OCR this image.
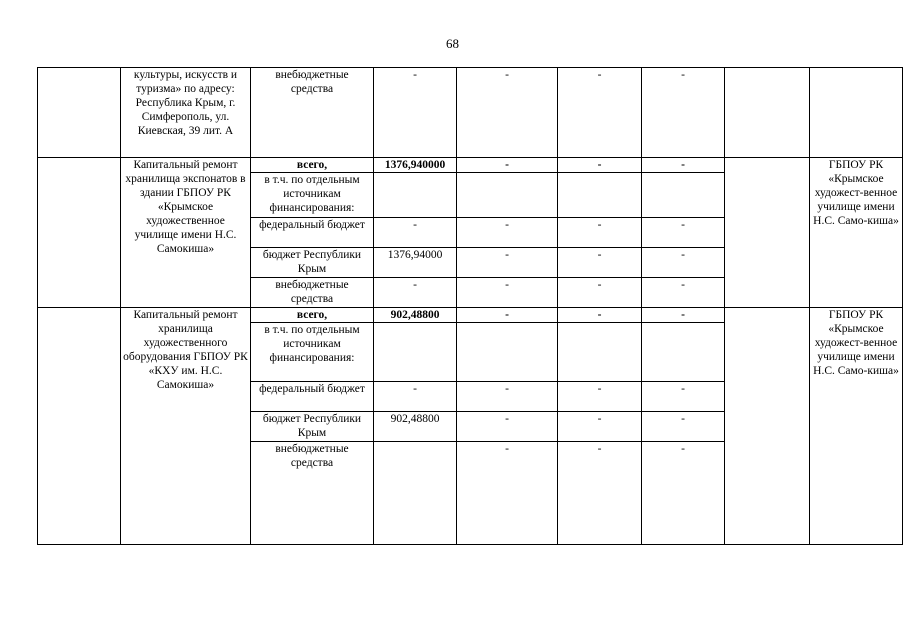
68
	культуры, искусств и туризма» по адресу: Республика Крым, г. Симферополь, ул. Киевская, 39 лит. А	внебюджетные средства	-	-	-	-		
	Капитальный ремонт хранилища экспонатов в здании ГБПОУ РК «Крымское художественное училище имени Н.С. Самокиша»	всего,	1376,940000	-	-	-		ГБПОУ РК «Крымское художест-венное училище имени Н.С. Само-киша»
		в т.ч. по отдельным источникам финансирования:						
		федеральный бюджет	-	-	-	-		
		бюджет Республики Крым	1376,94000	-	-	-		
		внебюджетные средства	-	-	-	-		
	Капитальный ремонт хранилища художественного оборудования ГБПОУ РК «КХУ им. Н.С. Самокиша»	всего,	902,48800	-	-	-		ГБПОУ РК «Крымское художест-венное училище имени Н.С. Само-киша»
		в т.ч. по отдельным источникам финансирования:						
		федеральный бюджет	-	-	-	-		
		бюджет Республики Крым	902,48800	-	-	-		
		внебюджетные средства		-	-	-		
